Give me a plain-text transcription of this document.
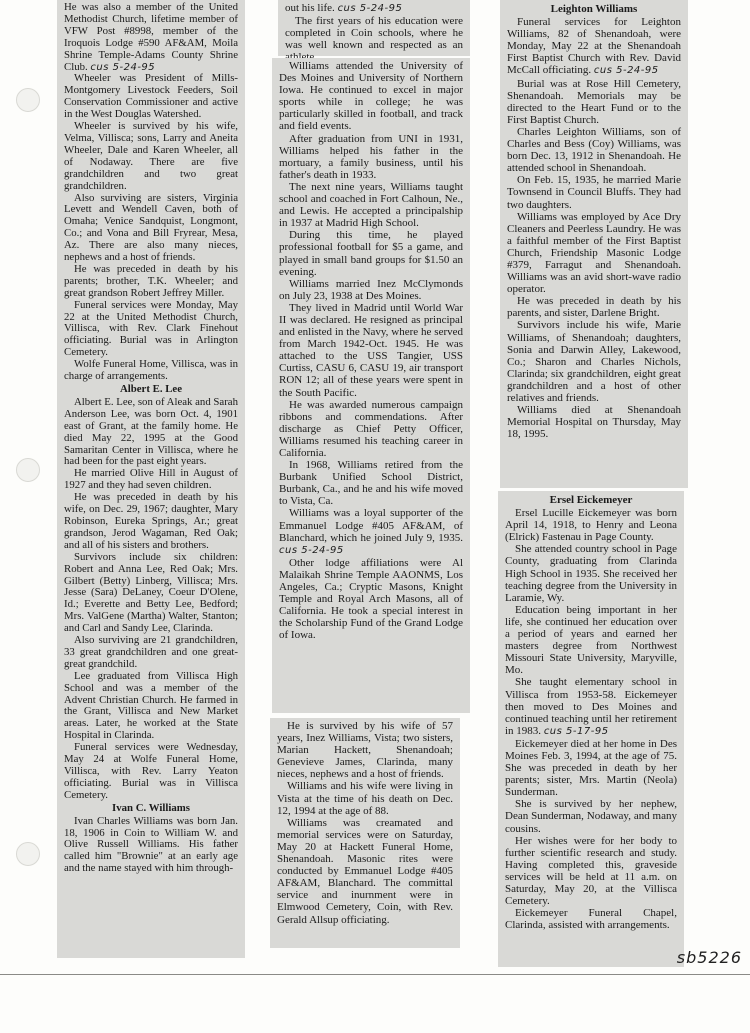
He was also a member of the United Methodist Church, lifetime member of VFW Post #8998, member of the Iroquois Lodge #590 AF&AM, Moila Shrine Temple-Adams County Shrine Club. cus 5-24-95

Wheeler was President of Mills-Montgomery Livestock Feeders, Soil Conservation Commissioner and active in the West Douglas Watershed.

Wheeler is survived by his wife, Velma, Villisca; sons, Larry and Aneita Wheeler, Dale and Karen Wheeler, all of Nodaway. There are five grandchildren and two great grandchildren.

Also surviving are sisters, Virginia Levett and Wendell Caven, both of Omaha; Venice Sandquist, Longmont, Co.; and Vona and Bill Fryrear, Mesa, Az. There are also many nieces, nephews and a host of friends.

He was preceded in death by his parents; brother, T.K. Wheeler; and great grandson Robert Jeffrey Miller.

Funeral services were Monday, May 22 at the United Methodist Church, Villisca, with Rev. Clark Finehout officiating. Burial was in Arlington Cemetery.

Wolfe Funeral Home, Villisca, was in charge of arrangements.

Albert E. Lee

Albert E. Lee, son of Aleak and Sarah Anderson Lee, was born Oct. 4, 1901 east of Grant, at the family home. He died May 22, 1995 at the Good Samaritan Center in Villisca, where he had been for the past eight years.

He married Olive Hill in August of 1927 and they had seven children.

He was preceded in death by his wife, on Dec. 29, 1967; daughter, Mary Robinson, Eureka Springs, Ar.; great grandson, Jerod Wagaman, Red Oak; and all of his sisters and brothers.

Survivors include six children: Robert and Anna Lee, Red Oak; Mrs. Gilbert (Betty) Linberg, Villisca; Mrs. Jesse (Sara) DeLaney, Coeur D'Olene, Id.; Everette and Betty Lee, Bedford; Mrs. ValGene (Martha) Walter, Stanton; and Carl and Sandy Lee, Clarinda.

Also surviving are 21 grandchildren, 33 great grandchildren and one great-great grandchild.

Lee graduated from Villisca High School and was a member of the Advent Christian Church. He farmed in the Grant, Villisca and New Market areas. Later, he worked at the State Hospital in Clarinda.

Funeral services were Wednesday, May 24 at Wolfe Funeral Home, Villisca, with Rev. Larry Yeaton officiating. Burial was in Villisca Cemetery.

Ivan C. Williams

Ivan Charles Williams was born Jan. 18, 1906 in Coin to William W. and Olive Russell Williams. His father called him "Brownie" at an early age and the name stayed with him through-

out his life. cus 5-24-95

The first years of his education were completed in Coin schools, where he was well known and respected as an

Williams attended the University of Des Moines and University of Northern Iowa. He continued to excel in major sports while in college; he was particularly skilled in football, and track and field events.

After graduation from UNI in 1931, Williams helped his father in the mortuary, a family business, until his father's death in 1933.

The next nine years, Williams taught school and coached in Fort Calhoun, Ne., and Lewis. He accepted a principalship in 1937 at Madrid High School.

During this time, he played professional football for $5 a game, and played in small band groups for $1.50 an evening.

Williams married Inez McClymonds on July 23, 1938 at Des Moines.

They lived in Madrid until World War II was declared. He resigned as principal and enlisted in the Navy, where he served from March 1942-Oct. 1945. He was attached to the USS Tangier, USS Curtiss, CASU 6, CASU 19, air transport RON 12; all of these years were spent in the South Pacific.

He was awarded numerous campaign ribbons and commendations. After discharge as Chief Petty Officer, Williams resumed his teaching career in California.

In 1968, Williams retired from the Burbank Unified School District, Burbank, Ca., and he and his wife moved to Vista, Ca.

Williams was a loyal supporter of the Emmanuel Lodge #405 AF&AM, of Blanchard, which he joined July 9, 1935. cus 5-24-95

Other lodge affiliations were Al Malaikah Shrine Temple AAONMS, Los Angeles, Ca.; Cryptic Masons, Knight Temple and Royal Arch Masons, all of California. He took a special interest in the Scholarship Fund of the Grand Lodge of Iowa.

He is survived by his wife of 57 years, Inez Williams, Vista; two sisters, Marian Hackett, Shenandoah; Genevieve James, Clarinda, many nieces, nephews and a host of friends.

Williams and his wife were living in Vista at the time of his death on Dec. 12, 1994 at the age of 88.

Williams was creamated and memorial services were on Saturday, May 20 at Hackett Funeral Home, Shenandoah. Masonic rites were conducted by Emmanuel Lodge #405 AF&AM, Blanchard. The committal service and inurnment were in Elmwood Cemetery, Coin, with Rev. Gerald Allsup officiating.

Leighton Williams

Funeral services for Leighton Williams, 82 of Shenandoah, were Monday, May 22 at the Shenandoah First Baptist Church with Rev. David McCall officiating. cus 5-24-95

Burial was at Rose Hill Cemetery, Shenandoah. Memorials may be directed to the Heart Fund or to the First Baptist Church.

Charles Leighton Williams, son of Charles and Bess (Coy) Williams, was born Dec. 13, 1912 in Shenandoah. He attended school in Shenandoah.

On Feb. 15, 1935, he married Marie Townsend in Council Bluffs. They had two daughters.

Williams was employed by Ace Dry Cleaners and Peerless Laundry. He was a faithful member of the First Baptist Church, Friendship Masonic Lodge #379, Farragut and Shenandoah. Williams was an avid short-wave radio operator.

He was preceded in death by his parents, and sister, Darlene Bright.

Survivors include his wife, Marie Williams, of Shenandoah; daughters, Sonia and Darwin Alley, Lakewood, Co.; Sharon and Charles Nichols, Clarinda; six grandchildren, eight great grandchildren and a host of other relatives and friends.

Williams died at Shenandoah Memorial Hospital on Thursday, May 18, 1995.

Ersel Eickemeyer

Ersel Lucille Eickemeyer was born April 14, 1918, to Henry and Leona (Elrick) Fastenau in Page County.

She attended country school in Page County, graduating from Clarinda High School in 1935. She received her teaching degree from the University in Laramie, Wy.

Education being important in her life, she continued her education over a period of years and earned her masters degree from Northwest Missouri State University, Maryville, Mo.

She taught elementary school in Villisca from 1953-58. Eickemeyer then moved to Des Moines and continued teaching until her retirement in 1983. cus 5-17-95

Eickemeyer died at her home in Des Moines Feb. 3, 1994, at the age of 75. She was preceded in death by her parents; sister, Mrs. Martin (Neola) Sunderman.

She is survived by her nephew, Dean Sunderman, Nodaway, and many cousins.

Her wishes were for her body to further scientific research and study. Having completed this, graveside services will be held at 11 a.m. on Saturday, May 20, at the Villisca Cemetery.

Eickemeyer Funeral Chapel, Clarinda, assisted with arrangements.

sb5226
